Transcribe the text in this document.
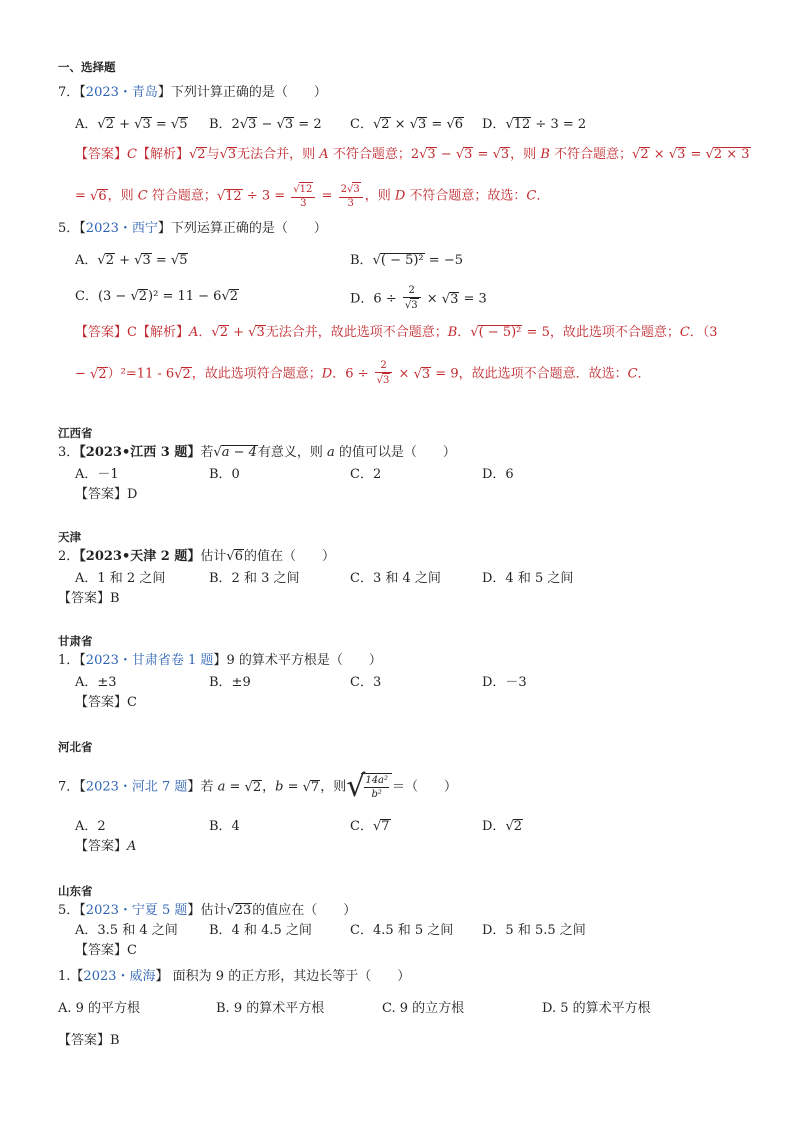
一、选择题
7．【2023・青岛】下列计算正确的是（　　）
A．√2 + √3 = √5 B．2√3 − √3 = 2 C．√2 × √3 = √6 D．√12 ÷ 3 = 2
【答案】C【解析】√2与√3无法合并，则 A 不符合题意；2√3 − √3 = √3，则 B 不符合题意；√2 × √3 = √2 × 3
= √6，则 C 符合题意；$√12 \div 3 = \frac{√12}{3} = \frac{2√3}{3}$ ，则 D 不符合题意；故选：C．
5．【2023・西宁】下列运算正确的是（　　）
A．√2 + √3 = √5	B．√( − 5)² = −5
C．(3 − √2)² = 11 − 6√2	D．$6 \div \frac{2}{√3} \times √3 = 3$
【答案】C【解析】A．√2 + √3无法合并，故此选项不合题意；B．√( − 5)² = 5，故此选项不合题意；C．（3
− √2）²=11 - 6√2，故此选项符合题意；D．$6 \div \frac{2}{√3} \times √3 = 9$，故此选项不合题意．故选：C．
江西省
3．【2023•江西 3 题】若√a − 4有意义，则 a 的值可以是（　　）
A．－1	B．0	C．2	D．6
【答案】D
天津
2．【2023•天津 2 题】估计√6的值在（　　）
A．1 和 2 之间	B．2 和 3 之间	C．3 和 4 之间	D．4 和 5 之间
【答案】B
甘肃省
1．【2023・甘肃省卷 1 题】9 的算术平方根是（　　）
A．±3	B．±9	C．3	D．－3
【答案】C
河北省
7．【2023・河北 7 题】若 a = √2，b = √7，则√
$\frac{\text{14a²}}{\text{b²}}$ ＝（　　）
A．2	B．4	C．√7	D．√2
【答案】A
山东省
5．【2023・宁夏 5 题】估计√23的值应在（　　）
A．3.5 和 4 之间 B．4 和 4.5 之间	C．4.5 和 5 之间 D．5 和 5.5 之间
【答案】C
1.【2023・威海】 面积为 9 的正方形，其边长等于（　　）
A. 9 的平方根	B. 9 的算术平方根	C. 9 的立方根	D. 5 的算术平方根
【答案】B
